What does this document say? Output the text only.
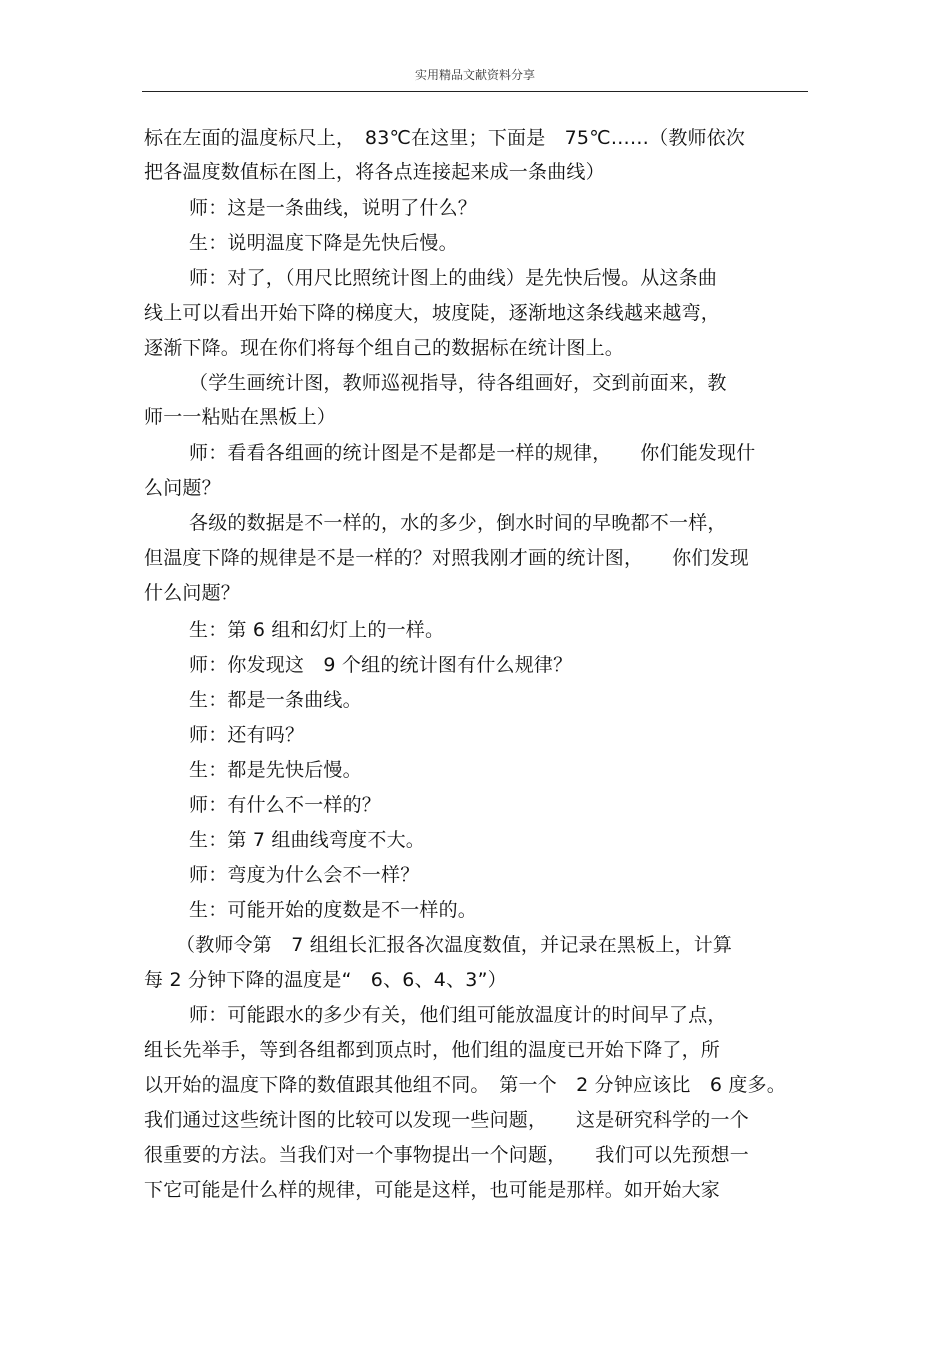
实用精品文献资料分享
标在左面的温度标尺上，　83℃在这里；下面是　75℃……（教师依次
把各温度数值标在图上，将各点连接起来成一条曲线）
师：这是一条曲线，说明了什么？
生：说明温度下降是先快后慢。
师：对了，（用尺比照统计图上的曲线）是先快后慢。从这条曲
线上可以看出开始下降的梯度大，坡度陡，逐渐地这条线越来越弯，
逐渐下降。现在你们将每个组自己的数据标在统计图上。
（学生画统计图，教师巡视指导，待各组画好，交到前面来，教
师一一粘贴在黑板上）
师：看看各组画的统计图是不是都是一样的规律，　　你们能发现什
么问题？
各级的数据是不一样的，水的多少，倒水时间的早晚都不一样，
但温度下降的规律是不是一样的？对照我刚才画的统计图，　　你们发现
什么问题？
生：第 6 组和幻灯上的一样。
师：你发现这　9 个组的统计图有什么规律？
生：都是一条曲线。
师：还有吗？
生：都是先快后慢。
师：有什么不一样的？
生：第 7 组曲线弯度不大。
师：弯度为什么会不一样？
生：可能开始的度数是不一样的。
（教师令第　7 组组长汇报各次温度数值，并记录在黑板上，计算
每 2 分钟下降的温度是“　6、6、4、3”）
师：可能跟水的多少有关，他们组可能放温度计的时间早了点，
组长先举手，等到各组都到顶点时，他们组的温度已开始下降了，所
以开始的温度下降的数值跟其他组不同。　第一个　2 分钟应该比　6 度多。
我们通过这些统计图的比较可以发现一些问题，　　这是研究科学的一个
很重要的方法。当我们对一个事物提出一个问题，　　我们可以先预想一
下它可能是什么样的规律，可能是这样，也可能是那样。如开始大家
